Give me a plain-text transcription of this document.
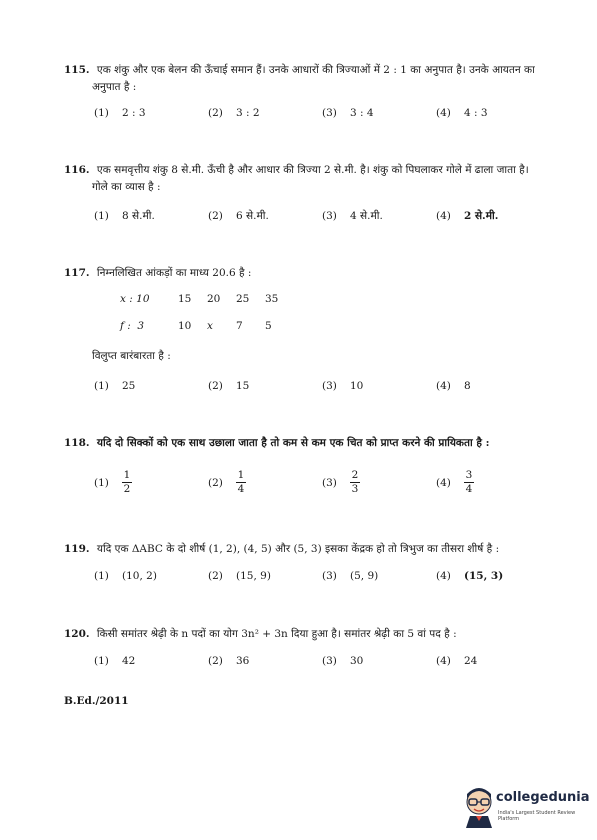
115. एक शंकु और एक बेलन की ऊँचाई समान हैं। उनके आधारों की त्रिज्याओं में 2 : 1 का अनुपात है। उनके आयतन का
अनुपात है :
(1) 2 : 3	(2) 3 : 2	(3) 3 : 4	(4) 4 : 3
116. एक समवृत्तीय शंकु 8 से.मी. ऊँची है और आधार की त्रिज्या 2 से.मी. है। शंकु को पिघलाकर गोले में ढाला जाता है।
गोले का व्यास है :
(1) 8 से.मी.	(2) 6 से.मी.	(3) 4 से.मी.	(4) 2 से.मी.
117. निम्नलिखित आंकड़ों का माध्य 20.6 है :
x : 10	15 20 25 35
f :  3	10 x 7 5
विलुप्त बारंबारता है :
(1) 25	(2) 15	(3) 10	(4) 8
118. यदि दो सिक्कों को एक साथ उछाला जाता है तो कम से कम एक चित को प्राप्त करने की प्रायिकता है :
$(1) \frac{1}{2}$	$(2) \frac{1}{4}$	$(3) \frac{2}{3}$	$(4) \frac{3}{4}$
119. यदि एक ΔABC के दो शीर्ष (1, 2), (4, 5) और (5, 3) इसका केंद्रक हो तो त्रिभुज का तीसरा शीर्ष है :
(1) (10, 2)	(2) (15, 9)	(3) (5, 9)	(4) (15, 3)
120. किसी समांतर श्रेढ़ी के n पदों का योग 3n² + 3n दिया हुआ है। समांतर श्रेढ़ी का 5 वां पद है :
(1) 42	(2) 36	(3) 30	(4) 24
B.Ed./2011
collegedunia
India's Largest Student Review Platform
